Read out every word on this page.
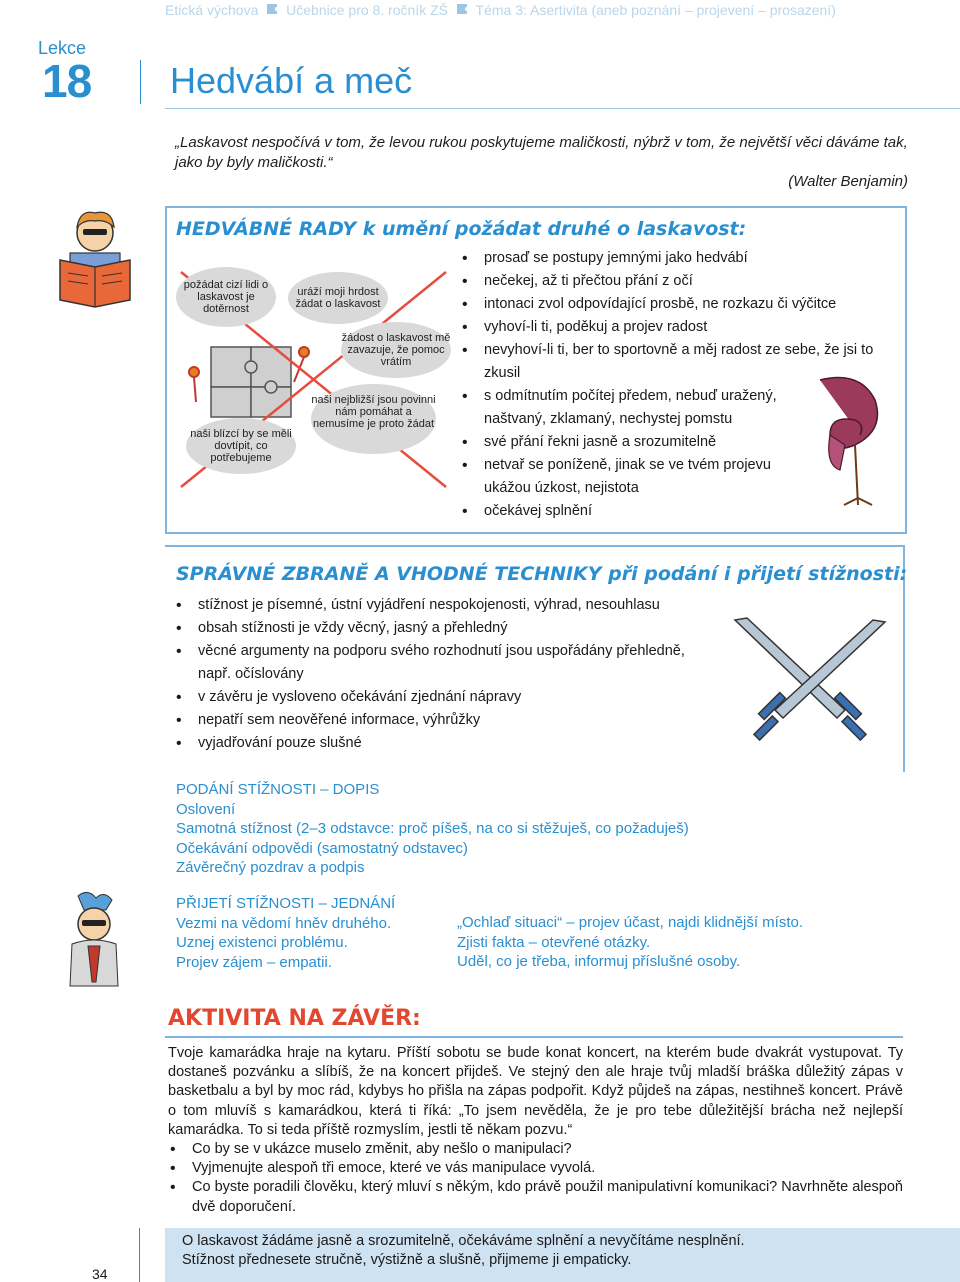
Etická výchova Učebnice pro 8. ročník ZŠ Téma 3: Asertivita (aneb poznání – projevení – prosazení)
Lekce
18 Hedvábí a meč
„Laskavost nespočívá v tom, že levou rukou poskytujeme maličkosti, nýbrž v tom, že největší věci dáváme tak, jako by byly maličkosti.“
(Walter Benjamin)
HEDVÁBNÉ RADY k umění požádat druhé o laskavost:
požádat cizí lidi o laskavost je dotěrnost
uráží moji hrdost žádat o laskavost
žádost o laskavost mě zavazuje, že pomoc vrátím
naši nejbližší jsou povinni nám pomáhat a nemusíme je proto žádat
naši blízcí by se měli dovtípit, co potřebujeme
• prosaď se postupy jemnými jako hedvábí
• nečekej, až ti přečtou přání z očí
• intonaci zvol odpovídající prosbě, ne rozkazu či výčitce
• vyhoví-li ti, poděkuj a projev radost
• nevyhoví-li ti, ber to sportovně a měj radost ze sebe, že jsi to zkusil
• s odmítnutím počítej předem, nebuď uražený, naštvaný, zklamaný, nechystej pomstu
• své přání řekni jasně a srozumitelně
• netvař se poníženě, jinak se ve tvém projevu ukážou úzkost, nejistota
• očekávej splnění
SPRÁVNÉ ZBRANĚ A VHODNÉ TECHNIKY při podání i přijetí stížnosti:
• stížnost je písemné, ústní vyjádření nespokojenosti, výhrad, nesouhlasu
• obsah stížnosti je vždy věcný, jasný a přehledný
• věcné argumenty na podporu svého rozhodnutí jsou uspořádány přehledně, např. očíslovány
• v závěru je vysloveno očekávání zjednání nápravy
• nepatří sem neověřené informace, výhrůžky
• vyjadřování pouze slušné
PODÁNÍ STÍŽNOSTI – DOPIS
Oslovení
Samotná stížnost (2–3 odstavce: proč píšeš, na co si stěžuješ, co požaduješ)
Očekávání odpovědi (samostatný odstavec)
Závěrečný pozdrav a podpis
PŘIJETÍ STÍŽNOSTI – JEDNÁNÍ
Vezmi na vědomí hněv druhého.
Uznej existenci problému.
Projev zájem – empatii.
„Ochlaď situaci“ – projev účast, najdi klidnější místo.
Zjisti fakta – otevřené otázky.
Uděl, co je třeba, informuj příslušné osoby.
AKTIVITA NA ZÁVĚR:
Tvoje kamarádka hraje na kytaru. Příští sobotu se bude konat koncert, na kterém bude dvakrát vystupovat. Ty dostaneš pozvánku a slíbíš, že na koncert přijdeš. Ve stejný den ale hraje tvůj mladší bráška důležitý zápas v basketbalu a byl by moc rád, kdybys ho přišla na zápas podpořit. Když půjdeš na zápas, nestihneš koncert. Právě o tom mluvíš s kamarádkou, která ti říká: „To jsem nevěděla, že je pro tebe důležitější brácha než nejlepší kamarádka. To si teda příště rozmyslím, jestli tě někam pozvu.“
• Co by se v ukázce muselo změnit, aby nešlo o manipulaci?
• Vyjmenujte alespoň tři emoce, které ve vás manipulace vyvolá.
• Co byste poradili člověku, který mluví s někým, kdo právě použil manipulativní komunikaci? Navrhněte alespoň dvě doporučení.
34
O laskavost žádáme jasně a srozumitelně, očekáváme splnění a nevyčítáme nesplnění.
Stížnost přednesete stručně, výstižně a slušně, přijmeme ji empaticky.
